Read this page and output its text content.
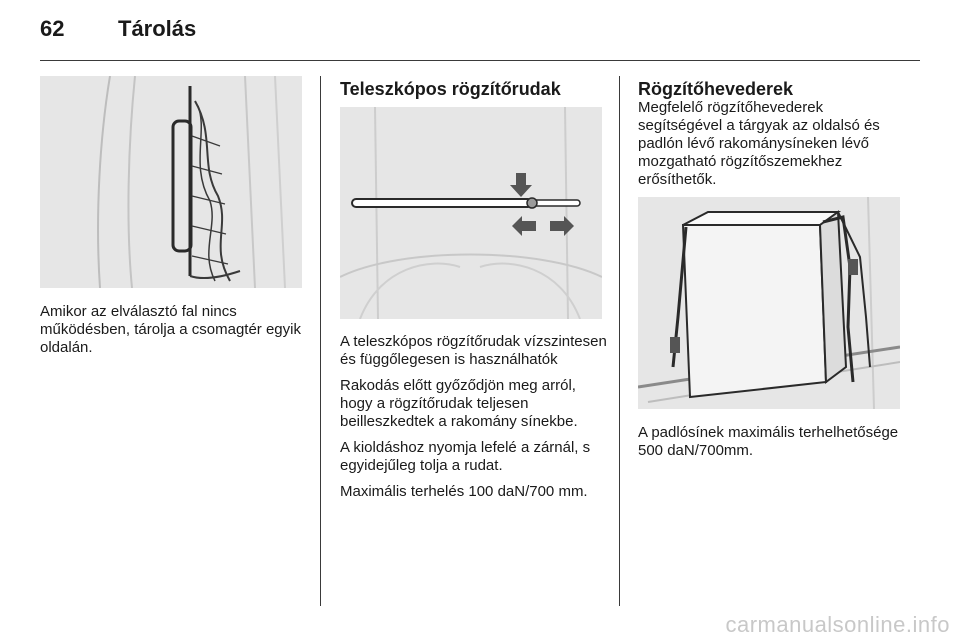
62 Tárolás
Amikor az elválasztó fal nincs működésben, tárolja a csomagtér egyik oldalán.
Teleszkópos rögzítőrudak

A teleszkópos rögzítőrudak vízszintesen és függőlegesen is használhatók

Rakodás előtt győződjön meg arról, hogy a rögzítőrudak teljesen beilleszkedtek a rakomány sínekbe.

A kioldáshoz nyomja lefelé a zárnál, s egyidejűleg tolja a rudat.

Maximális terhelés 100 daN/700 mm.

Rögzítőhevederek
Megfelelő rögzítőhevederek segítségével a tárgyak az oldalsó és padlón lévő rakománysíneken lévő mozgatható rögzítőszemekhez erősíthetők.
A padlósínek maximális terhelhetősége 500 daN/700mm.
carmanualsonline.info
